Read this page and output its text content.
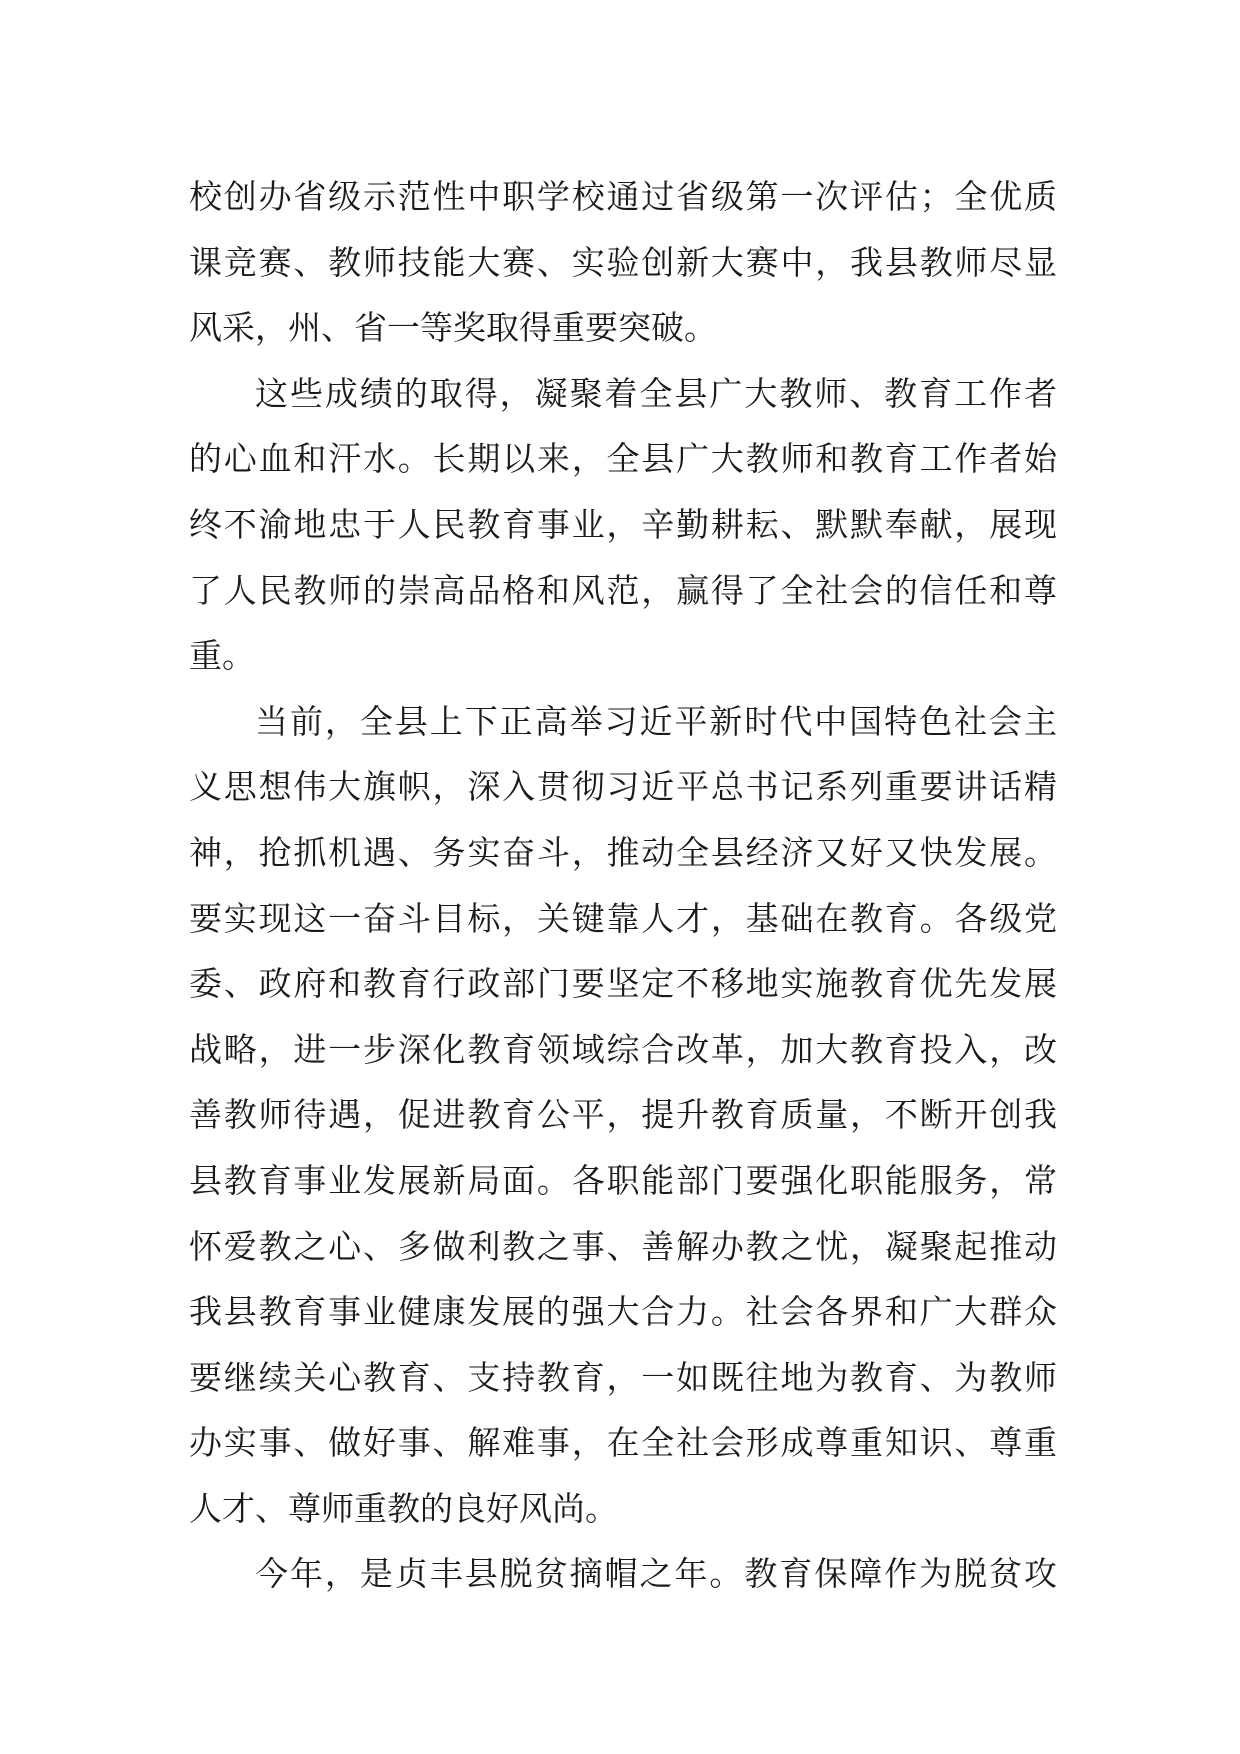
校创办省级示范性中职学校通过省级第一次评估；全优质
课竞赛、教师技能大赛、实验创新大赛中，我县教师尽显
风采，州、省一等奖取得重要突破。
这些成绩的取得，凝聚着全县广大教师、教育工作者
的心血和汗水。长期以来，全县广大教师和教育工作者始
终不渝地忠于人民教育事业，辛勤耕耘、默默奉献，展现
了人民教师的崇高品格和风范，赢得了全社会的信任和尊
重。
当前，全县上下正高举习近平新时代中国特色社会主
义思想伟大旗帜，深入贯彻习近平总书记系列重要讲话精
神，抢抓机遇、务实奋斗，推动全县经济又好又快发展。
要实现这一奋斗目标，关键靠人才，基础在教育。各级党
委、政府和教育行政部门要坚定不移地实施教育优先发展
战略，进一步深化教育领域综合改革，加大教育投入，改
善教师待遇，促进教育公平，提升教育质量，不断开创我
县教育事业发展新局面。各职能部门要强化职能服务，常
怀爱教之心、多做利教之事、善解办教之忧，凝聚起推动
我县教育事业健康发展的强大合力。社会各界和广大群众
要继续关心教育、支持教育，一如既往地为教育、为教师
办实事、做好事、解难事，在全社会形成尊重知识、尊重
人才、尊师重教的良好风尚。
今年，是贞丰县脱贫摘帽之年。教育保障作为脱贫攻
